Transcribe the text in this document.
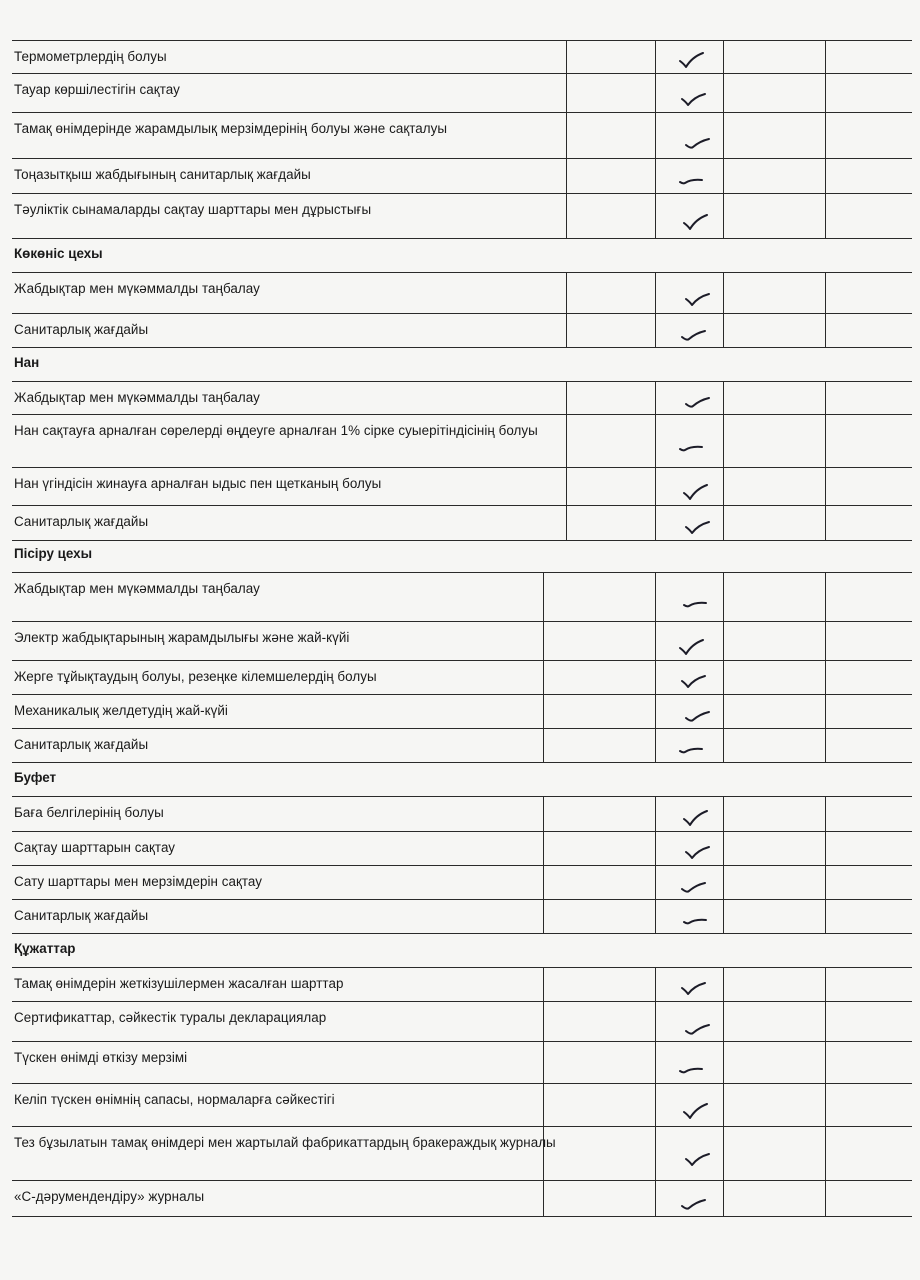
Термометрлердің болуы
Тауар көршілестігін сақтау
Тамақ өнімдерінде жарамдылық мерзімдерінің болуы және сақталуы
Тоңазытқыш жабдығының санитарлық жағдайы
Тәуліктік сынамаларды сақтау шарттары мен дұрыстығы
Көкөніс цехы
Жабдықтар мен мүкәммалды таңбалау
Санитарлық жағдайы
Нан
Жабдықтар мен мүкәммалды таңбалау
Нан сақтауға арналған сөрелерді өңдеуге арналған 1% сірке суыерітіндісінің болуы
Нан үгіндісін жинауға арналған ыдыс пен щетканың болуы
Санитарлық жағдайы
Пісіру цехы
Жабдықтар мен мүкәммалды таңбалау
Электр жабдықтарының жарамдылығы және жай-күйі
Жерге тұйықтаудың болуы, резеңке кілемшелердің болуы
Механикалық желдетудің жай-күйі
Санитарлық жағдайы
Буфет
Баға белгілерінің болуы
Сақтау шарттарын сақтау
Сату шарттары мен мерзімдерін сақтау
Санитарлық жағдайы
Құжаттар
Тамақ өнімдерін жеткізушілермен жасалған шарттар
Сертификаттар, сәйкестік туралы декларациялар
Түскен өнімді өткізу мерзімі
Келіп түскен өнімнің сапасы, нормаларға сәйкестігі
Тез бұзылатын тамақ өнімдері мен жартылай фабрикаттардың бракераждық журналы
«С-дәрумендендіру» журналы
